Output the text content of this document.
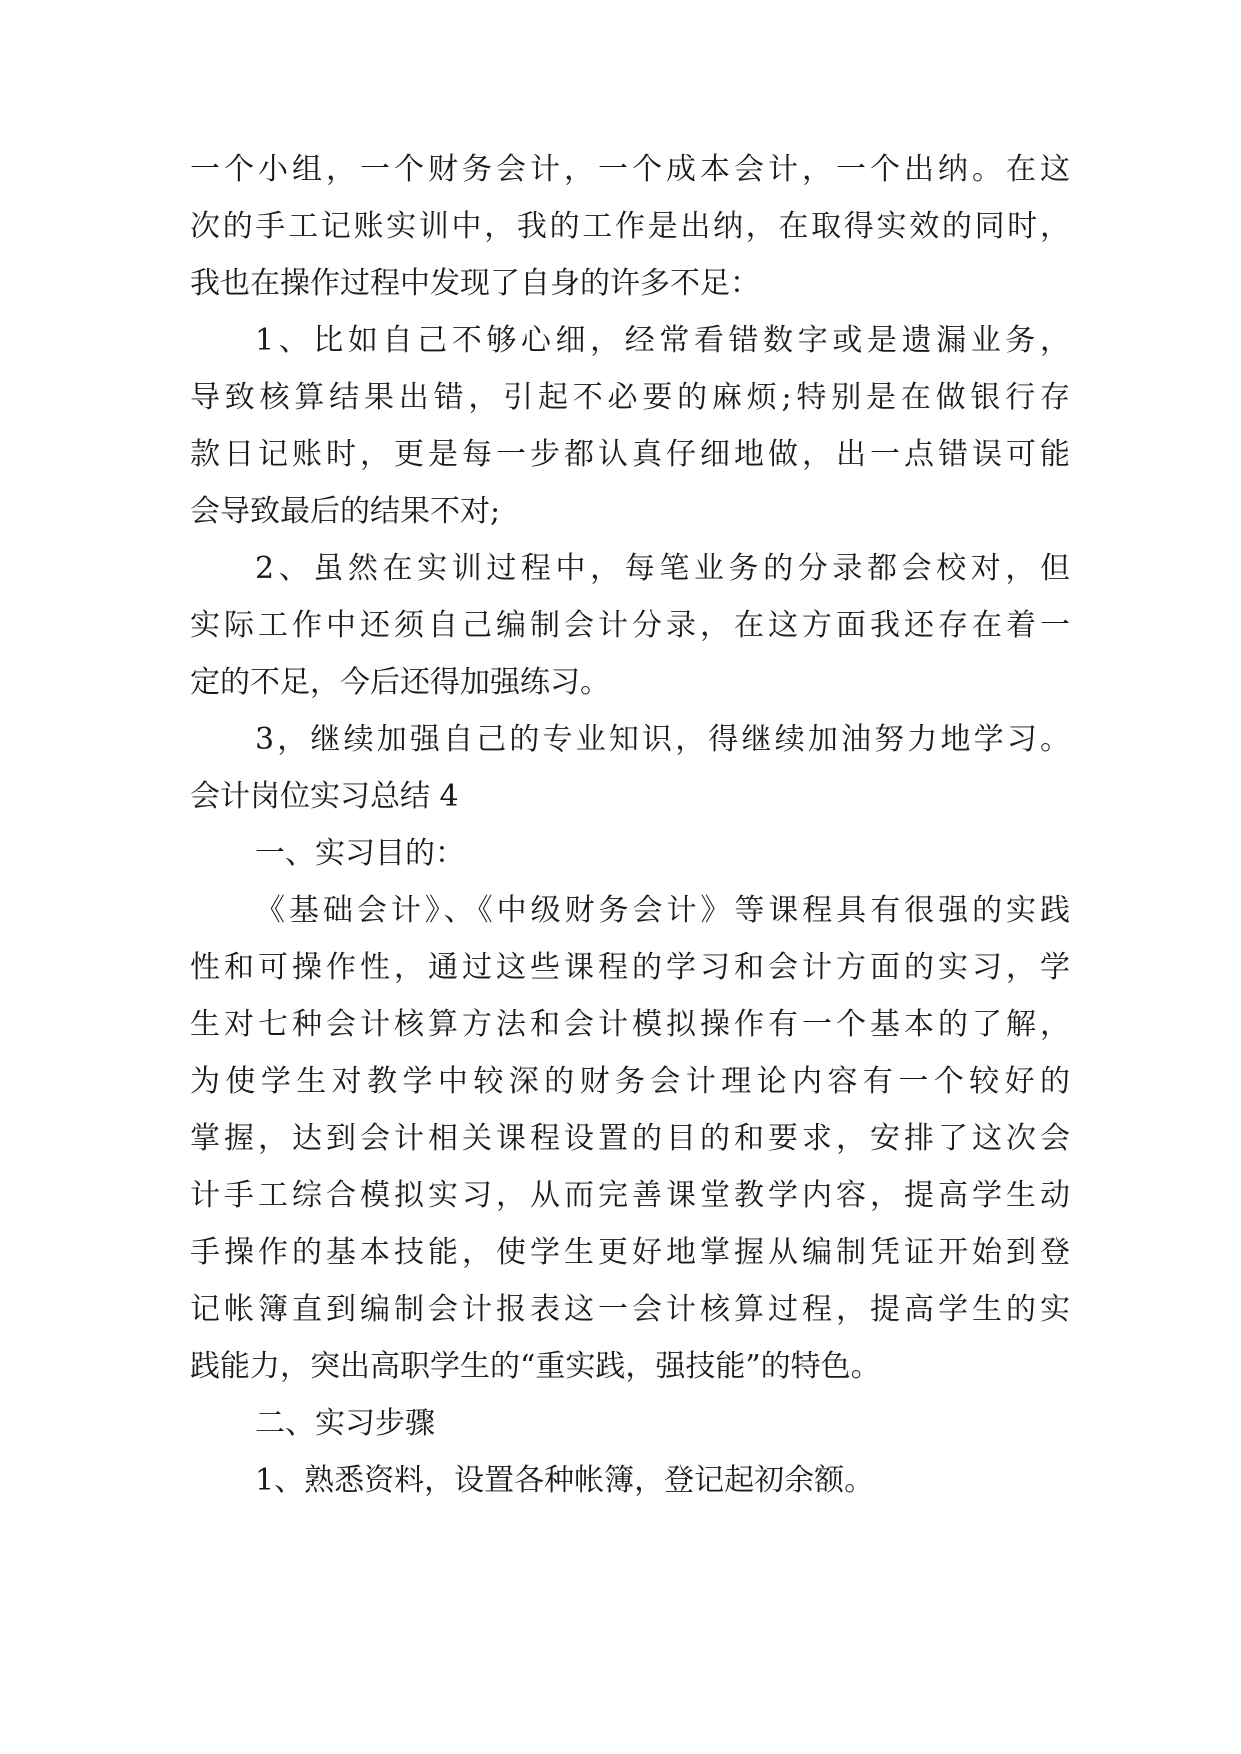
一个小组，一个财务会计，一个成本会计，一个出纳。在这
次的手工记账实训中，我的工作是出纳，在取得实效的同时，
我也在操作过程中发现了自身的许多不足：
1、比如自己不够心细，经常看错数字或是遗漏业务，
导致核算结果出错，引起不必要的麻烦;特别是在做银行存
款日记账时，更是每一步都认真仔细地做，出一点错误可能
会导致最后的结果不对;
2、虽然在实训过程中，每笔业务的分录都会校对，但
实际工作中还须自己编制会计分录，在这方面我还存在着一
定的不足，今后还得加强练习。
3，继续加强自己的专业知识，得继续加油努力地学习。
会计岗位实习总结 4
一、实习目的：
《基础会计》、《中级财务会计》等课程具有很强的实践
性和可操作性，通过这些课程的学习和会计方面的实习，学
生对七种会计核算方法和会计模拟操作有一个基本的了解，
为使学生对教学中较深的财务会计理论内容有一个较好的
掌握，达到会计相关课程设置的目的和要求，安排了这次会
计手工综合模拟实习，从而完善课堂教学内容，提高学生动
手操作的基本技能，使学生更好地掌握从编制凭证开始到登
记帐簿直到编制会计报表这一会计核算过程，提高学生的实
践能力，突出高职学生的“重实践，强技能”的特色。
二、实习步骤
1、熟悉资料，设置各种帐簿，登记起初余额。
